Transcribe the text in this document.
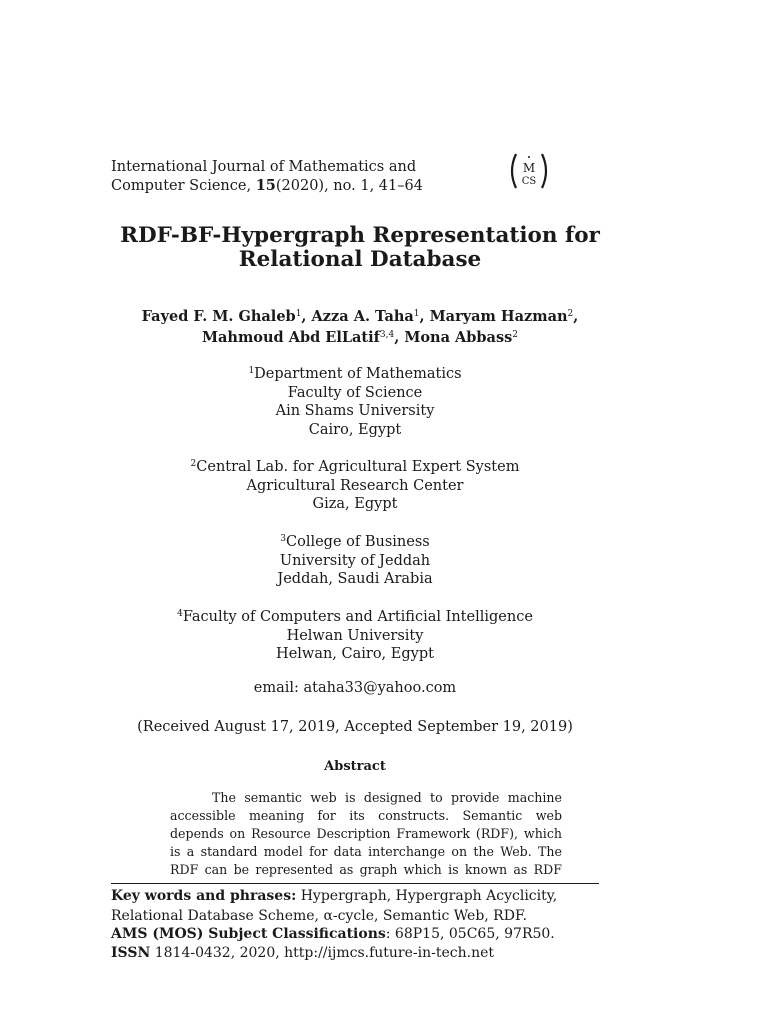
International Journal of Mathematics and
Computer Science, 15(2020), no. 1, 41–64
M
CS
RDF-BF-Hypergraph Representation for
Relational Database
Fayed F. M. Ghaleb$^1$, Azza A. Taha$^1$, Maryam Hazman$^2$,
Mahmoud Abd ElLatif$^{3,4}$, Mona Abbass$^2$
$^1$Department of Mathematics
Faculty of Science
Ain Shams University
Cairo, Egypt
$^2$Central Lab. for Agricultural Expert System
Agricultural Research Center
Giza, Egypt
$^3$College of Business
University of Jeddah
Jeddah, Saudi Arabia
$^4$Faculty of Computers and Artificial Intelligence
Helwan University
Helwan, Cairo, Egypt
email: ataha33@yahoo.com
(Received August 17, 2019, Accepted September 19, 2019)
Abstract

The semantic web is designed to provide machine accessible meaning for its constructs. Semantic web depends on Resource Description Framework (RDF), which is a standard model for data interchange on the Web. The RDF can be represented as graph which is known as RDF

Key words and phrases: Hypergraph, Hypergraph Acyclicity, Relational Database Scheme, α-cycle, Semantic Web, RDF.
AMS (MOS) Subject Classifications: 68P15, 05C65, 97R50.
ISSN 1814-0432, 2020, http://ijmcs.future-in-tech.net
